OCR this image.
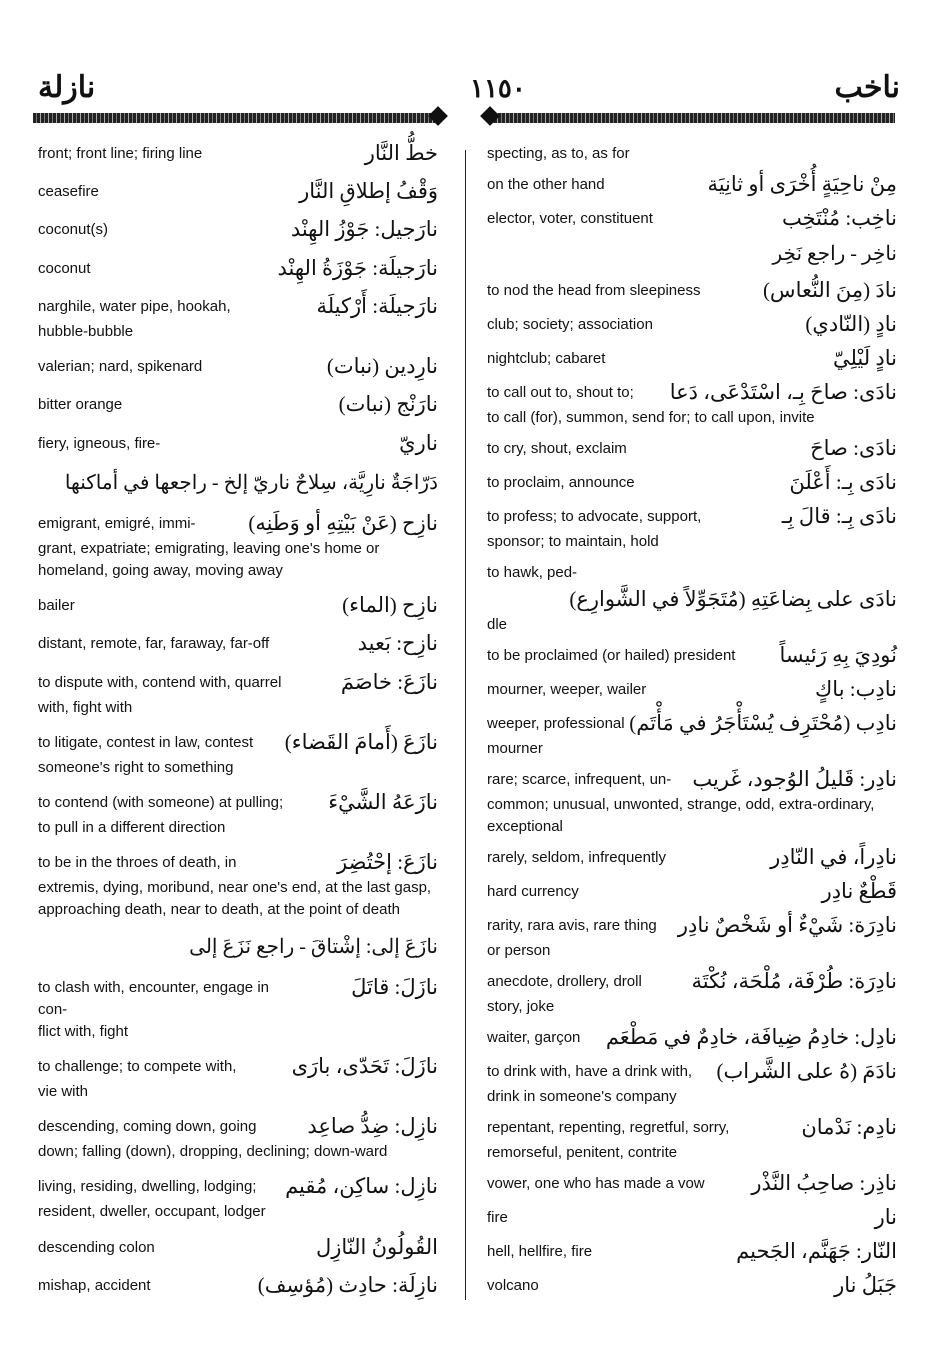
نازلة	١١٥٠	ناخب
front; front line; firing line	خطُّ النَّار
ceasefire	وَقْفُ إطلاقِ النَّار
coconut(s)	نارَجيل: جَوْزُ الهِنْد
coconut	نارَجيلَة: جَوْزَةُ الهِنْد
narghile, water pipe, hookah,	نارَجيلَة: أَرْكيلَة
hubble-bubble
valerian; nard, spikenard	نارِدين (نبات)
bitter orange	نارَنْج (نبات)
fiery, igneous, fire-	ناريّ
دَرّاجَةٌ نارِيَّة، سِلاحٌ ناريّ إلخ - راجعها في أماكنها
emigrant, emigré, immi-	نازِح (عَنْ بَيْتِهِ أو وَطَنِه)
grant, expatriate; emigrating, leaving one's home or homeland, going away, moving away
bailer	نازِح (الماء)
distant, remote, far, faraway, far-off	نازِح: بَعيد
to dispute with, contend with, quarrel	نازَعَ: خاصَمَ
with, fight with
to litigate, contest in law, contest نازَعَ (أَمامَ القَضاء)
someone's right to something
to contend (with someone) at pulling; نازَعَهُ الشَّيْءَ
to pull in a different direction
to be in the throes of death, in	نازَعَ: إحْتُضِرَ
extremis, dying, moribund, near one's end, at the last gasp, approaching death, near to death, at the point of death
نازَعَ إلى: إشْتاقَ - راجع نَزَعَ إلى
to clash with, encounter, engage in con-
نازَلَ: قاتَلَ
flict with, fight
to challenge; to compete with,	نازَلَ: تَحَدّى، بارَى
vie with
descending, coming down, going نازِل: ضِدُّ صاعِد
down; falling (down), dropping, declining; down-ward
living, residing, dwelling, lodging; نازِل: ساكِن، مُقيم
resident, dweller, occupant, lodger
descending colon	القُولُونُ النّازِل
mishap, accident	نازِلَة: حادِث (مُؤسِف)
specting, as to, as for
on the other hand	مِنْ ناحِيَةٍ أُخْرَى أو ثانِيَة
elector, voter, constituent	ناخِب: مُنْتَخِب
ناخِر - راجع نَخِر
to nod the head from sleepiness	نادَ (مِنَ النُّعاس)
club; society; association	نادٍ (النّادي)
nightclub; cabaret	نادٍ لَيْلِيّ
to call out to, shout to; نادَى: صاحَ بِـ، اسْتَدْعَى، دَعا
to call (for), summon, send for; to call upon, invite
to cry, shout, exclaim	نادَى: صاحَ
to proclaim, announce	نادَى بِـ: أَعْلَنَ
to profess; to advocate, support,	نادَى بِـ: قالَ بِـ
sponsor; to maintain, hold
to hawk, ped-
نادَى على بِضاعَتِهِ (مُتَجَوِّلاً في الشَّوارِع)
dle
to be proclaimed (or hailed) president نُودِيَ بِهِ رَئيساً
mourner, weeper, wailer	نادِب: باكٍ
weeper, professional نادِب (مُحْتَرِف يُسْتَأْجَرُ في مَأْتَم)
mourner
rare; scarce, infrequent, un- نادِر: قَليلُ الوُجود، غَريب
common; unusual, unwonted, strange, odd, extra-ordinary, exceptional
rarely, seldom, infrequently	نادِراً، في النّادِر
hard currency	قَطْعٌ نادِر
rarity, rara avis, rare thing نادِرَة: شَيْءٌ أو شَخْصٌ نادِر
or person
anecdote, drollery, droll نادِرَة: طُرْفَة، مُلْحَة، نُكْتَة
story, joke
waiter, garçon نادِل: خادِمُ ضِيافَة، خادِمٌ في مَطْعَم
to drink with, have a drink with, نادَمَ (هُ على الشَّراب)
drink in someone's company
repentant, repenting, regretful, sorry,	نادِم: نَدْمان
remorseful, penitent, contrite
vower, one who has made a vow ناذِر: صاحِبُ النَّذْر
fire	نار
hell, hellfire, fire	النّار: جَهَنَّم، الجَحيم
volcano	جَبَلُ نار
